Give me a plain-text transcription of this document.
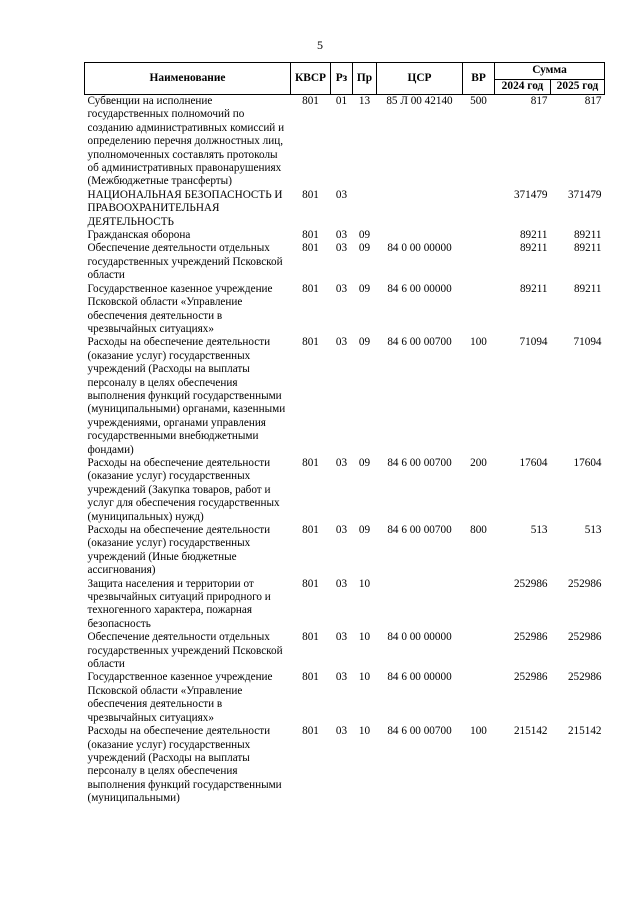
5
Наименование	КВСР	Рз	Пр	ЦСР	ВР	Сумма	
						2024 год	2025 год
Субвенции на исполнение государственных полномочий по созданию административных комиссий и определению перечня должностных лиц, уполномоченных составлять протоколы об административных правонарушениях (Межбюджетные трансферты)	801	01	13	85 Л 00 42140	500	817	817
НАЦИОНАЛЬНАЯ БЕЗОПАСНОСТЬ И ПРАВООХРАНИТЕЛЬНАЯ ДЕЯТЕЛЬНОСТЬ	801	03				371479	371479
Гражданская оборона	801	03	09			89211	89211
Обеспечение деятельности отдельных государственных учреждений Псковской области	801	03	09	84 0 00 00000		89211	89211
Государственное казенное учреждение Псковской области «Управление обеспечения деятельности в чрезвычайных ситуациях»	801	03	09	84 6 00 00000		89211	89211
Расходы на обеспечение деятельности (оказание услуг) государственных учреждений (Расходы на выплаты персоналу в целях обеспечения выполнения функций государственными (муниципальными) органами, казенными учреждениями, органами управления государственными внебюджетными фондами)	801	03	09	84 6 00 00700	100	71094	71094
Расходы на обеспечение деятельности (оказание услуг) государственных учреждений (Закупка товаров, работ и услуг для обеспечения государственных (муниципальных) нужд)	801	03	09	84 6 00 00700	200	17604	17604
Расходы на обеспечение деятельности (оказание услуг) государственных учреждений (Иные бюджетные ассигнования)	801	03	09	84 6 00 00700	800	513	513
Защита населения и территории от чрезвычайных ситуаций природного и техногенного характера, пожарная безопасность	801	03	10			252986	252986
Обеспечение деятельности отдельных государственных учреждений Псковской области	801	03	10	84 0 00 00000		252986	252986
Государственное казенное учреждение Псковской области «Управление обеспечения деятельности в чрезвычайных ситуациях»	801	03	10	84 6 00 00000		252986	252986
Расходы на обеспечение деятельности (оказание услуг) государственных учреждений (Расходы на выплаты персоналу в целях обеспечения выполнения функций государственными (муниципальными)	801	03	10	84 6 00 00700	100	215142	215142
